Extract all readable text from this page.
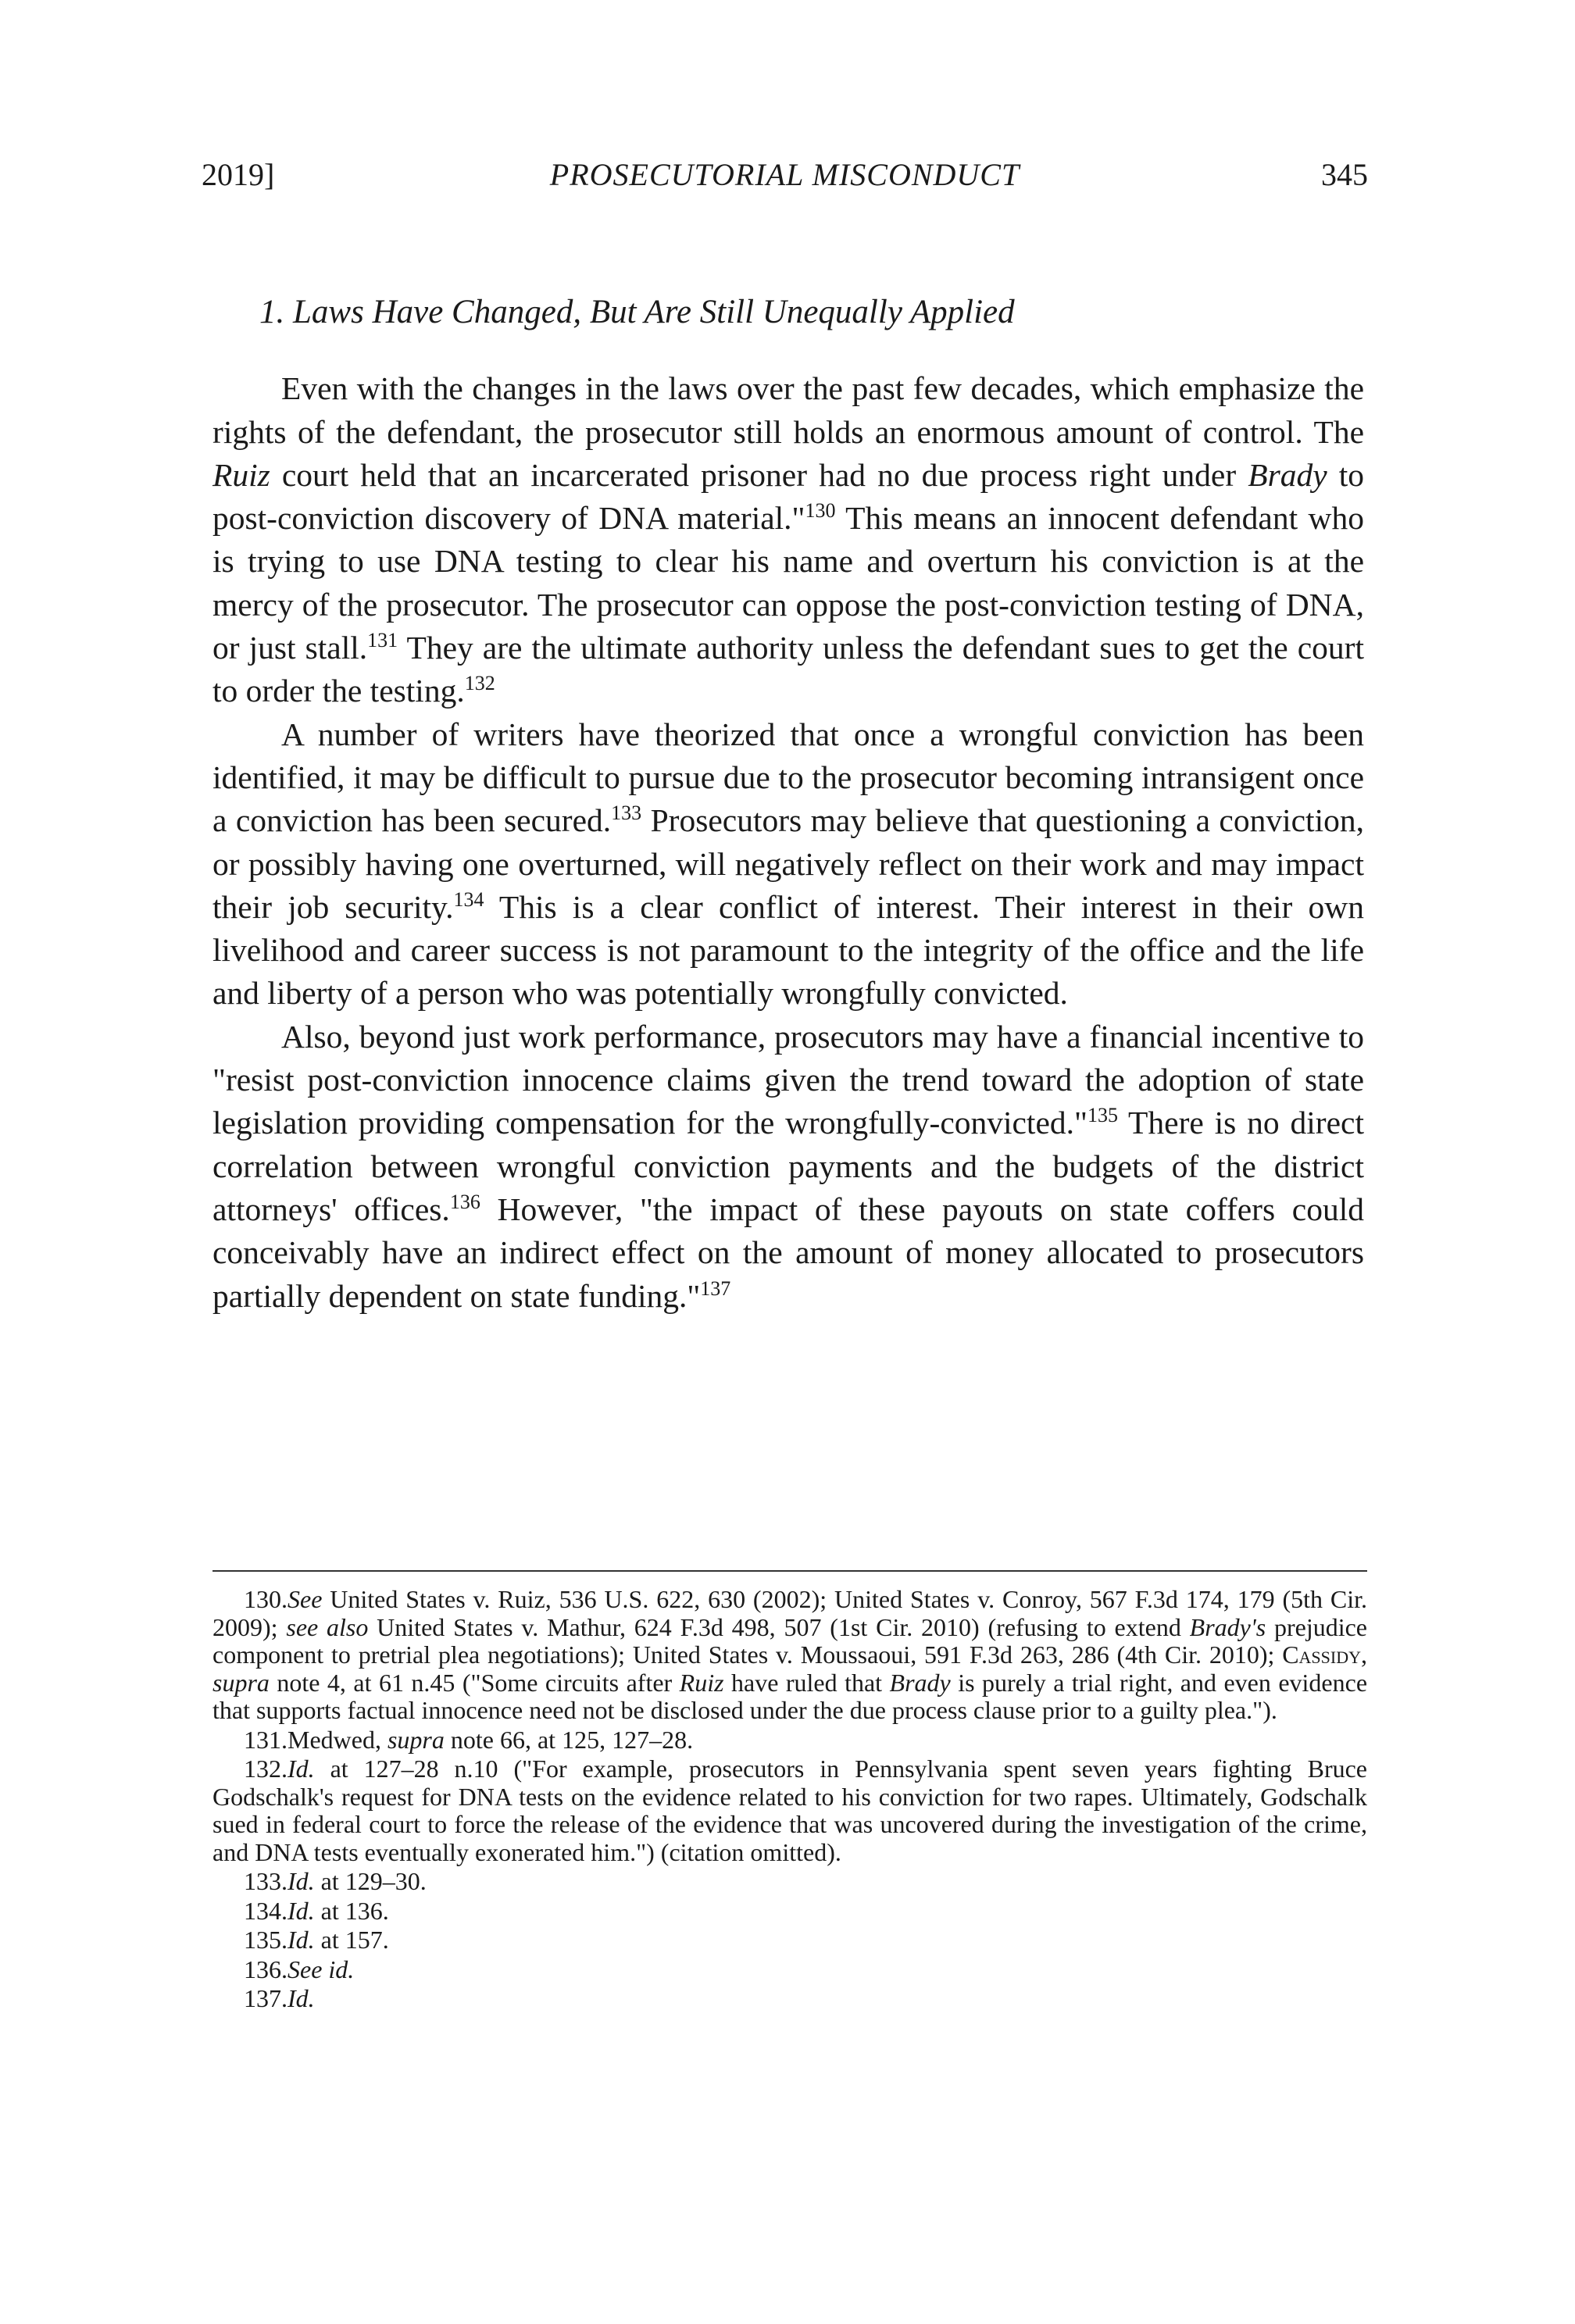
2019]	PROSECUTORIAL MISCONDUCT	345
1. Laws Have Changed, But Are Still Unequally Applied

Even with the changes in the laws over the past few decades, which emphasize the rights of the defendant, the prosecutor still holds an enormous amount of control. The Ruiz court held that an incarcerated prisoner had no due process right under Brady to post-conviction discovery of DNA material."$^{130}$ This means an innocent defendant who is trying to use DNA testing to clear his name and overturn his conviction is at the mercy of the prosecutor. The prosecutor can oppose the post-conviction testing of DNA, or just stall.$^{131}$ They are the ultimate authority unless the defendant sues to get the court to order the testing.$^{132}$

A number of writers have theorized that once a wrongful conviction has been identified, it may be difficult to pursue due to the prosecutor becoming intransigent once a conviction has been secured.$^{133}$ Prosecutors may believe that questioning a conviction, or possibly having one overturned, will negatively reflect on their work and may impact their job security.$^{134}$ This is a clear conflict of interest. Their interest in their own livelihood and career success is not paramount to the integrity of the office and the life and liberty of a person who was potentially wrongfully convicted.

Also, beyond just work performance, prosecutors may have a financial incentive to "resist post-conviction innocence claims given the trend toward the adoption of state legislation providing compensation for the wrongfully-convicted."$^{135}$ There is no direct correlation between wrongful conviction payments and the budgets of the district attorneys' offices.$^{136}$ However, "the impact of these payouts on state coffers could conceivably have an indirect effect on the amount of money allocated to prosecutors partially dependent on state funding."$^{137}$

130.See United States v. Ruiz, 536 U.S. 622, 630 (2002); United States v. Conroy, 567 F.3d 174, 179 (5th Cir. 2009); see also United States v. Mathur, 624 F.3d 498, 507 (1st Cir. 2010) (refusing to extend Brady's prejudice component to pretrial plea negotiations); United States v. Moussaoui, 591 F.3d 263, 286 (4th Cir. 2010); Cassidy, supra note 4, at 61 n.45 ("Some circuits after Ruiz have ruled that Brady is purely a trial right, and even evidence that supports factual innocence need not be disclosed under the due process clause prior to a guilty plea.").
131.Medwed, supra note 66, at 125, 127–28.
132.Id. at 127–28 n.10 ("For example, prosecutors in Pennsylvania spent seven years fighting Bruce Godschalk's request for DNA tests on the evidence related to his conviction for two rapes. Ultimately, Godschalk sued in federal court to force the release of the evidence that was uncovered during the investigation of the crime, and DNA tests eventually exonerated him.") (citation omitted).
133.Id. at 129–30.
134.Id. at 136.
135.Id. at 157.
136.See id.
137.Id.
